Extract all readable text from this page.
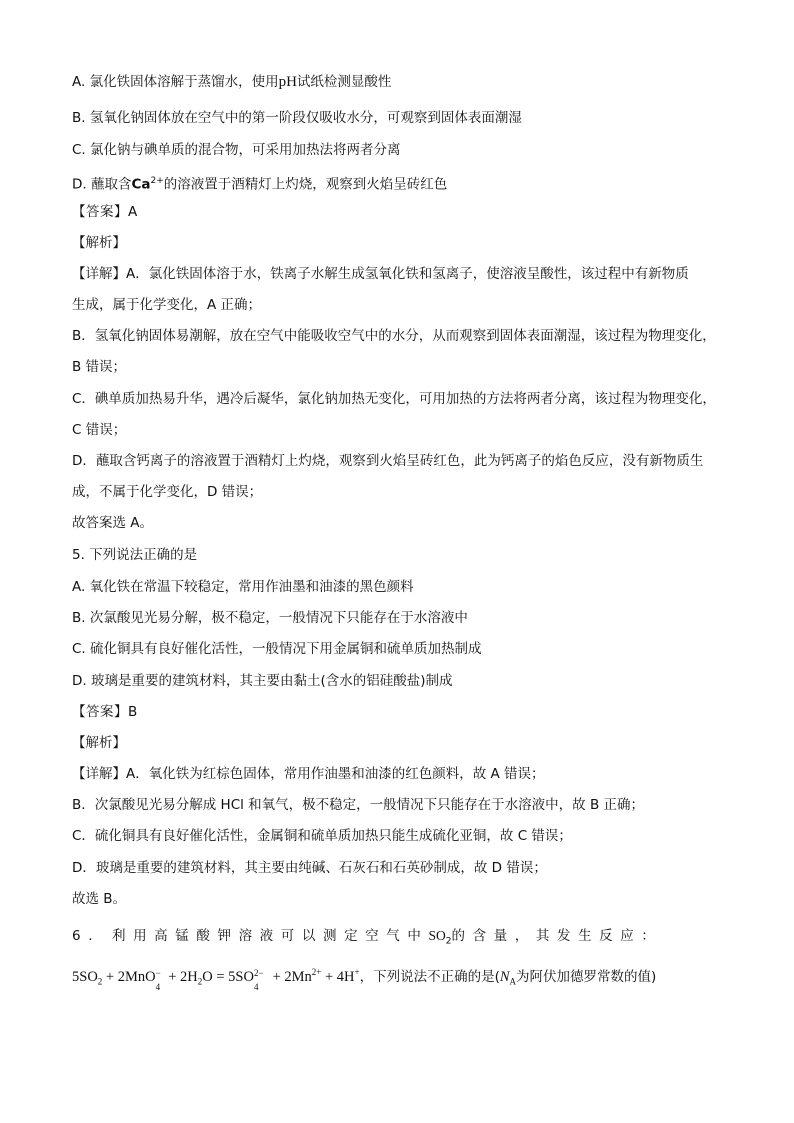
A. 氯化铁固体溶解于蒸馏水，使用pH试纸检测显酸性
B. 氢氧化钠固体放在空气中的第一阶段仅吸收水分，可观察到固体表面潮湿
C. 氯化钠与碘单质的混合物，可采用加热法将两者分离
D. 蘸取含$Ca^{2+}$的溶液置于酒精灯上灼烧，观察到火焰呈砖红色
【答案】A
【解析】
【详解】A．氯化铁固体溶于水，铁离子水解生成氢氧化铁和氢离子，使溶液呈酸性，该过程中有新物质
生成，属于化学变化，A 正确；
B．氢氧化钠固体易潮解，放在空气中能吸收空气中的水分，从而观察到固体表面潮湿，该过程为物理变化，
B 错误；
C．碘单质加热易升华，遇冷后凝华，氯化钠加热无变化，可用加热的方法将两者分离，该过程为物理变化，
C 错误；
D．蘸取含钙离子的溶液置于酒精灯上灼烧，观察到火焰呈砖红色，此为钙离子的焰色反应，没有新物质生
成，不属于化学变化，D 错误；
故答案选 A。
5. 下列说法正确的是
A. 氧化铁在常温下较稳定，常用作油墨和油漆的黑色颜料
B. 次氯酸见光易分解，极不稳定，一般情况下只能存在于水溶液中
C. 硫化铜具有良好催化活性，一般情况下用金属铜和硫单质加热制成
D. 玻璃是重要的建筑材料，其主要由黏土(含水的铝硅酸盐)制成
【答案】B
【解析】
【详解】A．氧化铁为红棕色固体，常用作油墨和油漆的红色颜料，故 A 错误；
B．次氯酸见光易分解成 HCl 和氧气，极不稳定，一般情况下只能存在于水溶液中，故 B 正确；
C．硫化铜具有良好催化活性，金属铜和硫单质加热只能生成硫化亚铜，故 C 错误；
D．玻璃是重要的建筑材料，其主要由纯碱、石灰石和石英砂制成，故 D 错误；
故选 B。
6. 利用高锰酸钾溶液可以测定空气中$SO_2$的含量，其发生反应：
$5SO_2 + 2MnO$ −
4
+ $2H_2O = 5SO$ 2−
4
+ $2Mn^{2+} + 4H^+$，下列说法不正确的是($N_A$为阿伏加德罗常数的值)
